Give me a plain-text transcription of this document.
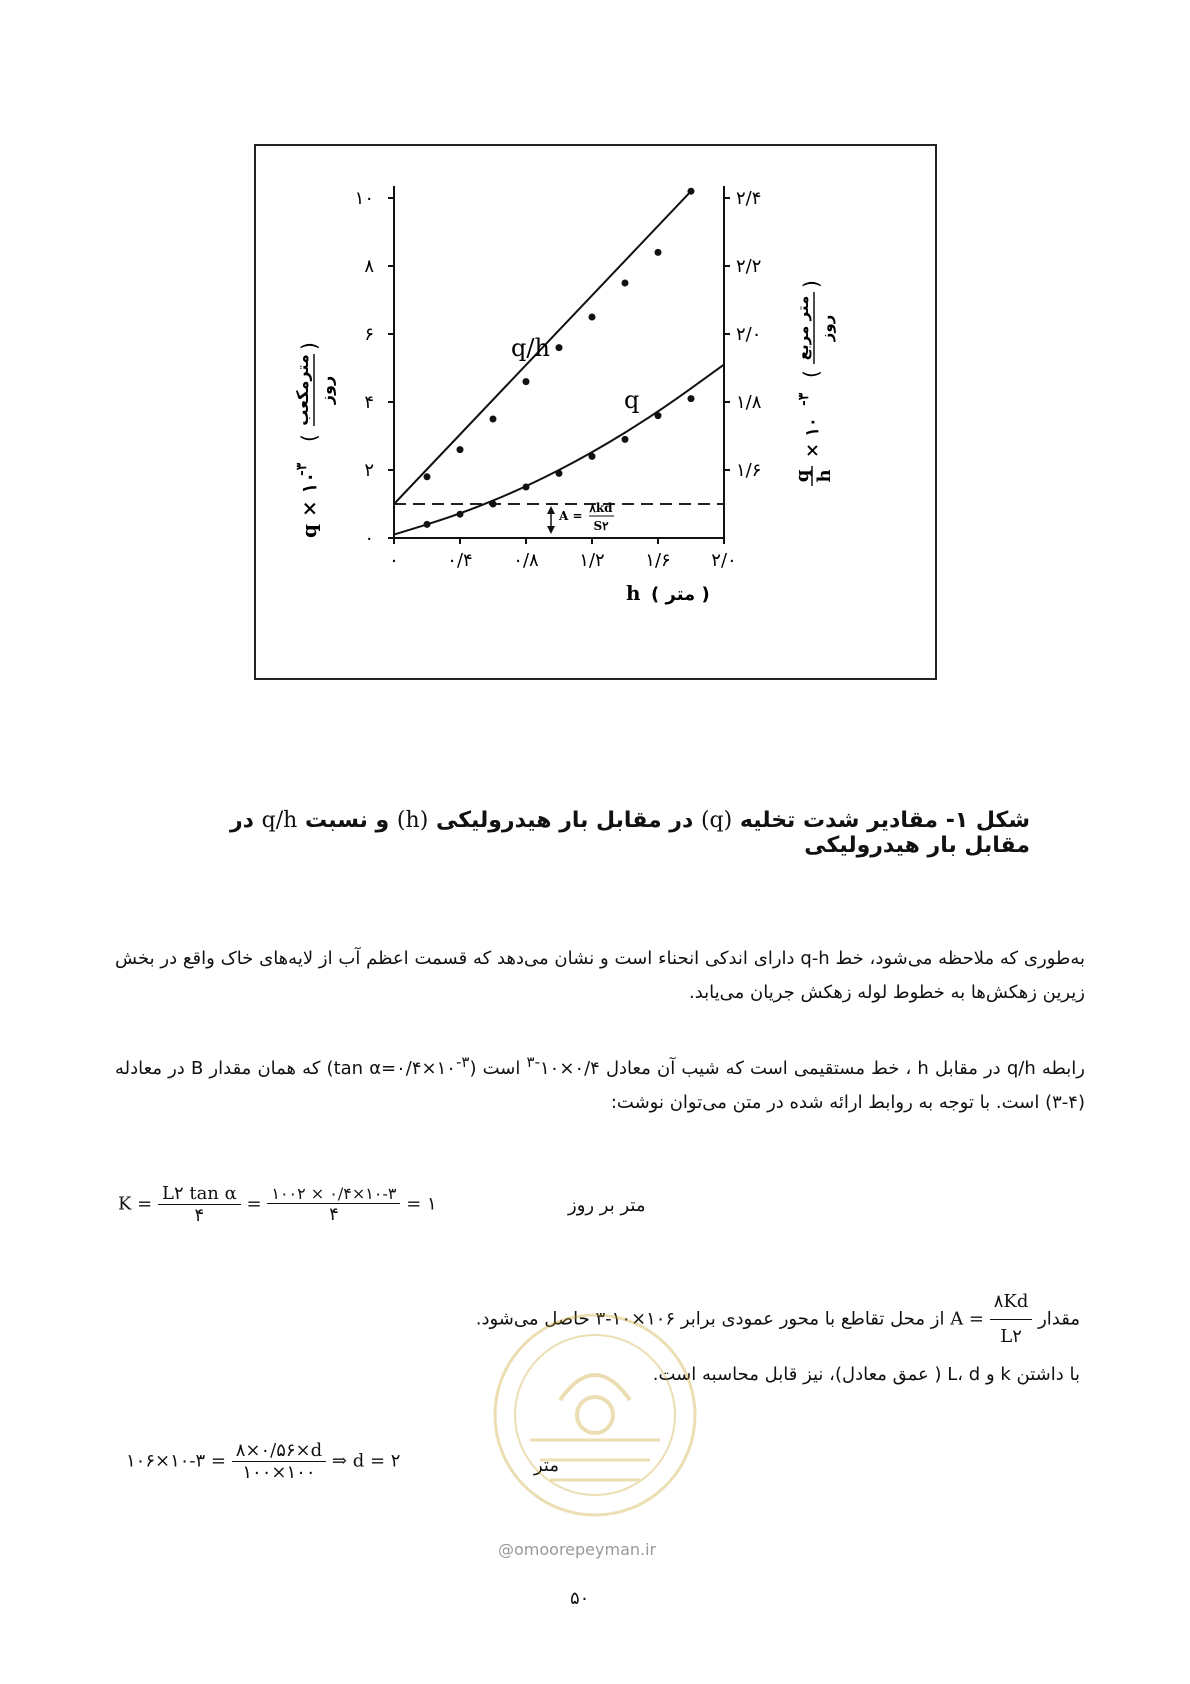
۰
۲
۴
۶
۸
۱۰
۱/۶
۱/۸
۲/۰
۲/۲
۲/۴
۰	۰/۴ ۰/۸ ۱/۲ ۱/۶ ۲/۰
q/h
q
A =
۸kd
S۲
h ( متر )
q × ۱۰
-۳
(
مترمکعب روز
)
q h
× ۱۰
-۳
(
متر مربع روز
)
شکل ۱- مقادیر شدت تخلیه (q) در مقابل بار هیدرولیکی (h) و نسبت q/h در مقابل بار هیدرولیکی
به‌طوری که ملاحظه می‌شود، خط q-h دارای اندکی انحناء است و نشان می‌دهد که قسمت اعظم آب از لایه‌های خاک واقع در بخش زیرین زهکش‌ها به خطوط لوله زهکش جریان می‌یابد.
رابطه q/h در مقابل h ، خط مستقیمی است که شیب آن معادل $۰/۴\times ۱۰^{-۳}$ است (tan $\alpha=۰/۴\times ۱۰^{-۳}$) که همان مقدار B در معادله (۴-۳) است. با توجه به روابط ارائه شده در متن می‌توان نوشت:
$K = \frac{\text{L۲ tan α}}{۴} = \frac{۱۰۰۲ \times ۰/۴\times ۱۰-۳}{۴}$ = ۱	متر بر روز
مقدار $A = \frac{۸Kd}{L۲}$
از محل تقاطع با محور عمودی برابر ۱۰۶×۱۰-۳ حاصل می‌شود.
با داشتن k و L، d ( عمق معادل)، نیز قابل محاسبه است.
۱۰۶×۱۰-۳ = $\frac{۸\times ۰/۵۶\times d}{۱۰۰\times ۱۰۰}$ ⇒ d = ۲	متر
@omoorepeyman.ir
۵۰
